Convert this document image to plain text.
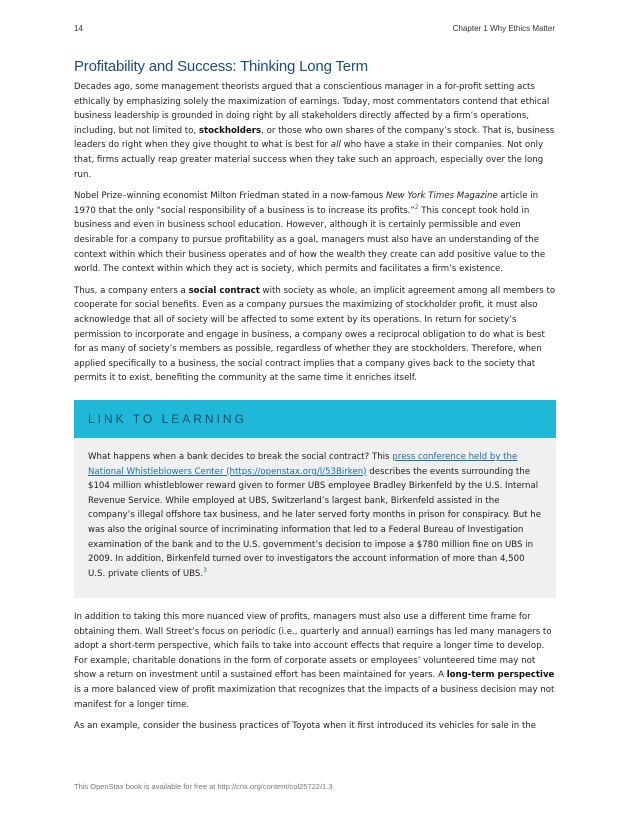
14	Chapter 1 Why Ethics Matter
Profitability and Success: Thinking Long Term

Decades ago, some management theorists argued that a conscientious manager in a for-profit setting acts ethically by emphasizing solely the maximization of earnings. Today, most commentators contend that ethical business leadership is grounded in doing right by all stakeholders directly affected by a firm’s operations, including, but not limited to, stockholders, or those who own shares of the company’s stock. That is, business leaders do right when they give thought to what is best for all who have a stake in their companies. Not only that, firms actually reap greater material success when they take such an approach, especially over the long run.

Nobel Prize–winning economist Milton Friedman stated in a now-famous New York Times Magazine article in 1970 that the only “social responsibility of a business is to increase its profits.”$^2$ This concept took hold in business and even in business school education. However, although it is certainly permissible and even desirable for a company to pursue profitability as a goal, managers must also have an understanding of the context within which their business operates and of how the wealth they create can add positive value to the world. The context within which they act is society, which permits and facilitates a firm’s existence.

Thus, a company enters a social contract with society as whole, an implicit agreement among all members to cooperate for social benefits. Even as a company pursues the maximizing of stockholder profit, it must also acknowledge that all of society will be affected to some extent by its operations. In return for society’s permission to incorporate and engage in business, a company owes a reciprocal obligation to do what is best for as many of society’s members as possible, regardless of whether they are stockholders. Therefore, when applied specifically to a business, the social contract implies that a company gives back to the society that permits it to exist, benefiting the community at the same time it enriches itself.

LINK TO LEARNING
What happens when a bank decides to break the social contract? This press conference held by the National Whistleblowers Center (https://openstax.org/l/53Birken) describes the events surrounding the $104 million whistleblower reward given to former UBS employee Bradley Birkenfeld by the U.S. Internal Revenue Service. While employed at UBS, Switzerland’s largest bank, Birkenfeld assisted in the company’s illegal offshore tax business, and he later served forty months in prison for conspiracy. But he was also the original source of incriminating information that led to a Federal Bureau of Investigation examination of the bank and to the U.S. government’s decision to impose a $780 million fine on UBS in 2009. In addition, Birkenfeld turned over to investigators the account information of more than 4,500 U.S. private clients of UBS.$^3$

In addition to taking this more nuanced view of profits, managers must also use a different time frame for obtaining them. Wall Street’s focus on periodic (i.e., quarterly and annual) earnings has led many managers to adopt a short-term perspective, which fails to take into account effects that require a longer time to develop. For example, charitable donations in the form of corporate assets or employees’ volunteered time may not show a return on investment until a sustained effort has been maintained for years. A long-term perspective is a more balanced view of profit maximization that recognizes that the impacts of a business decision may not manifest for a longer time.

As an example, consider the business practices of Toyota when it first introduced its vehicles for sale in the

This OpenStax book is available for free at http://cnx.org/content/col25722/1.3
